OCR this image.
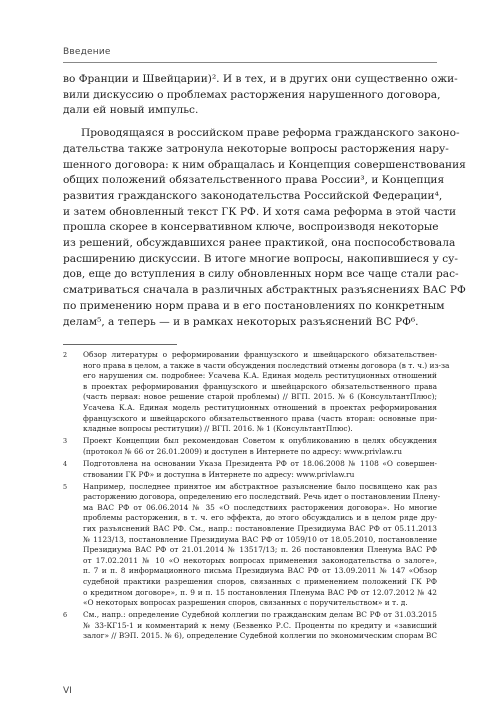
Введение

во Франции и Швейцарии)². И в тех, и в других они существенно ожи-
вили дискуссию о проблемах расторжения нарушенного договора,
дали ей новый импульс.

Проводящаяся в российском праве реформа гражданского законо-
дательства также затронула некоторые вопросы расторжения нару-
шенного договора: к ним обращалась и Концепция совершенствования
общих положений обязательственного права России³, и Концепция
развития гражданского законодательства Российской Федерации⁴,
и затем обновленный текст ГК РФ. И хотя сама реформа в этой части
прошла скорее в консервативном ключе, воспроизводя некоторые
из решений, обсуждавшихся ранее практикой, она поспособствовала
расширению дискуссии. В итоге многие вопросы, накопившиеся у су-
дов, еще до вступления в силу обновленных норм все чаще стали рас-
сматриваться сначала в различных абстрактных разъяснениях ВАС РФ
по применению норм права и в его постановлениях по конкретным
делам⁵, а теперь — и в рамках некоторых разъяснений ВС РФ⁶.

2 Обзор литературы о реформировании французского и швейцарского обязательствен-
ного права в целом, а также в части обсуждения последствий отмены договора (в т. ч.) из-за
его нарушения см. подробнее: Усачева К.А. Единая модель реституционных отношений
в проектах реформирования французского и швейцарского обязательственного права
(часть первая: новое решение старой проблемы) // ВГП. 2015. № 6 (КонсультантПлюс);
Усачева К.А. Единая модель реституционных отношений в проектах реформирования
французского и швейцарского обязательственного права (часть вторая: основные при-
кладные вопросы реституции) // ВГП. 2016. № 1 (КонсультантПлюс).
3 Проект Концепции был рекомендован Советом к опубликованию в целях обсуждения
(протокол № 66 от 26.01.2009) и доступен в Интернете по адресу: www.privlaw.ru
4 Подготовлена на основании Указа Президента РФ от 18.06.2008 № 1108 «О совершен-
ствовании ГК РФ» и доступна в Интернете по адресу: www.privlaw.ru
5 Например, последнее принятое им абстрактное разъяснение было посвящено как раз
расторжению договора, определению его последствий. Речь идет о постановлении Плену-
ма ВАС РФ от 06.06.2014 № 35 «О последствиях расторжения договора». Но многие
проблемы расторжения, в т. ч. его эффекта, до этого обсуждались и в целом ряде дру-
гих разъяснений ВАС РФ. См., напр.: постановление Президиума ВАС РФ от 05.11.2013
№ 1123/13, постановление Президиума ВАС РФ от 1059/10 от 18.05.2010, постановление
Президиума ВАС РФ от 21.01.2014 № 13517/13; п. 26 постановления Пленума ВАС РФ
от 17.02.2011 № 10 «О некоторых вопросах применения законодательства о залоге»,
п. 7 и п. 8 информационного письма Президиума ВАС РФ от 13.09.2011 № 147 «Обзор
судебной практики разрешения споров, связанных с применением положений ГК РФ
о кредитном договоре», п. 9 и п. 15 постановления Пленума ВАС РФ от 12.07.2012 № 42
«О некоторых вопросах разрешения споров, связанных с поручительством» и т. д.
6 См., напр.: определение Судебной коллегии по гражданским делам ВС РФ от 31.03.2015
№ 33-КГ15-1 и комментарий к нему (Безвенко Р.С. Проценты по кредиту и «зависший
залог» // ВЭП. 2015. № 6), определение Судебной коллегии по экономическим спорам ВС
VI
